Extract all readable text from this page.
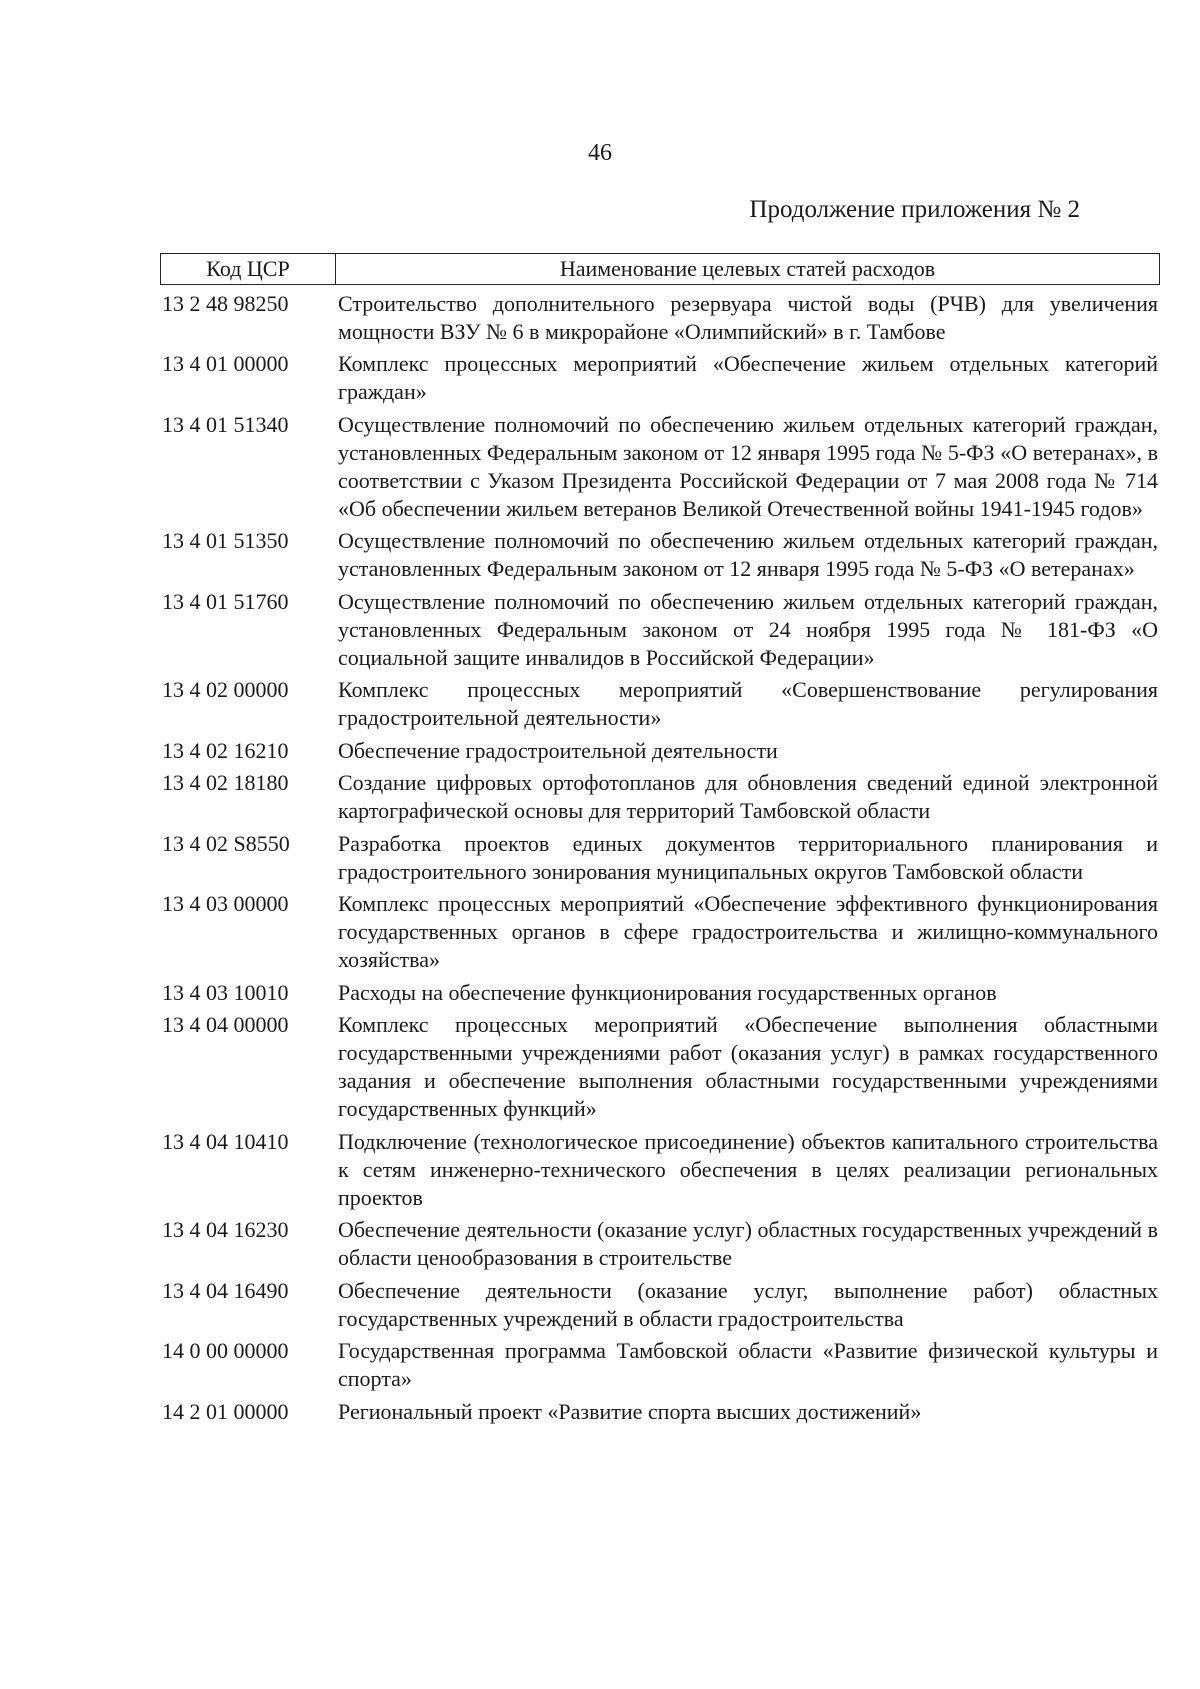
46
Продолжение приложения № 2
Код ЦСР	Наименование целевых статей расходов
13 2 48 98250	Строительство дополнительного резервуара чистой воды (РЧВ) для увеличения мощности ВЗУ № 6 в микрорайоне «Олимпийский» в г. Тамбове
13 4 01 00000	Комплекс процессных мероприятий «Обеспечение жильем отдельных категорий граждан»
13 4 01 51340	Осуществление полномочий по обеспечению жильем отдельных категорий граждан, установленных Федеральным законом от 12 января 1995 года № 5-ФЗ «О ветеранах», в соответствии с Указом Президента Российской Федерации от 7 мая 2008 года № 714 «Об обеспечении жильем ветеранов Великой Отечественной войны 1941-1945 годов»
13 4 01 51350	Осуществление полномочий по обеспечению жильем отдельных категорий граждан, установленных Федеральным законом от 12 января 1995 года № 5-ФЗ «О ветеранах»
13 4 01 51760	Осуществление полномочий по обеспечению жильем отдельных категорий граждан, установленных Федеральным законом от 24 ноября 1995 года № 181-ФЗ «О социальной защите инвалидов в Российской Федерации»
13 4 02 00000	Комплекс процессных мероприятий «Совершенствование регулирования градостроительной деятельности»
13 4 02 16210	Обеспечение градостроительной деятельности
13 4 02 18180	Создание цифровых ортофотопланов для обновления сведений единой электронной картографической основы для территорий Тамбовской области
13 4 02 S8550	Разработка проектов единых документов территориального планирования и градостроительного зонирования муниципальных округов Тамбовской области
13 4 03 00000	Комплекс процессных мероприятий «Обеспечение эффективного функционирования государственных органов в сфере градостроительства и жилищно-коммунального хозяйства»
13 4 03 10010	Расходы на обеспечение функционирования государственных органов
13 4 04 00000	Комплекс процессных мероприятий «Обеспечение выполнения областными государственными учреждениями работ (оказания услуг) в рамках государственного задания и обеспечение выполнения областными государственными учреждениями государственных функций»
13 4 04 10410	Подключение (технологическое присоединение) объектов капитального строительства к сетям инженерно-технического обеспечения в целях реализации региональных проектов
13 4 04 16230	Обеспечение деятельности (оказание услуг) областных государственных учреждений в области ценообразования в строительстве
13 4 04 16490	Обеспечение деятельности (оказание услуг, выполнение работ) областных государственных учреждений в области градостроительства
14 0 00 00000	Государственная программа Тамбовской области «Развитие физической культуры и спорта»
14 2 01 00000	Региональный проект «Развитие спорта высших достижений»
